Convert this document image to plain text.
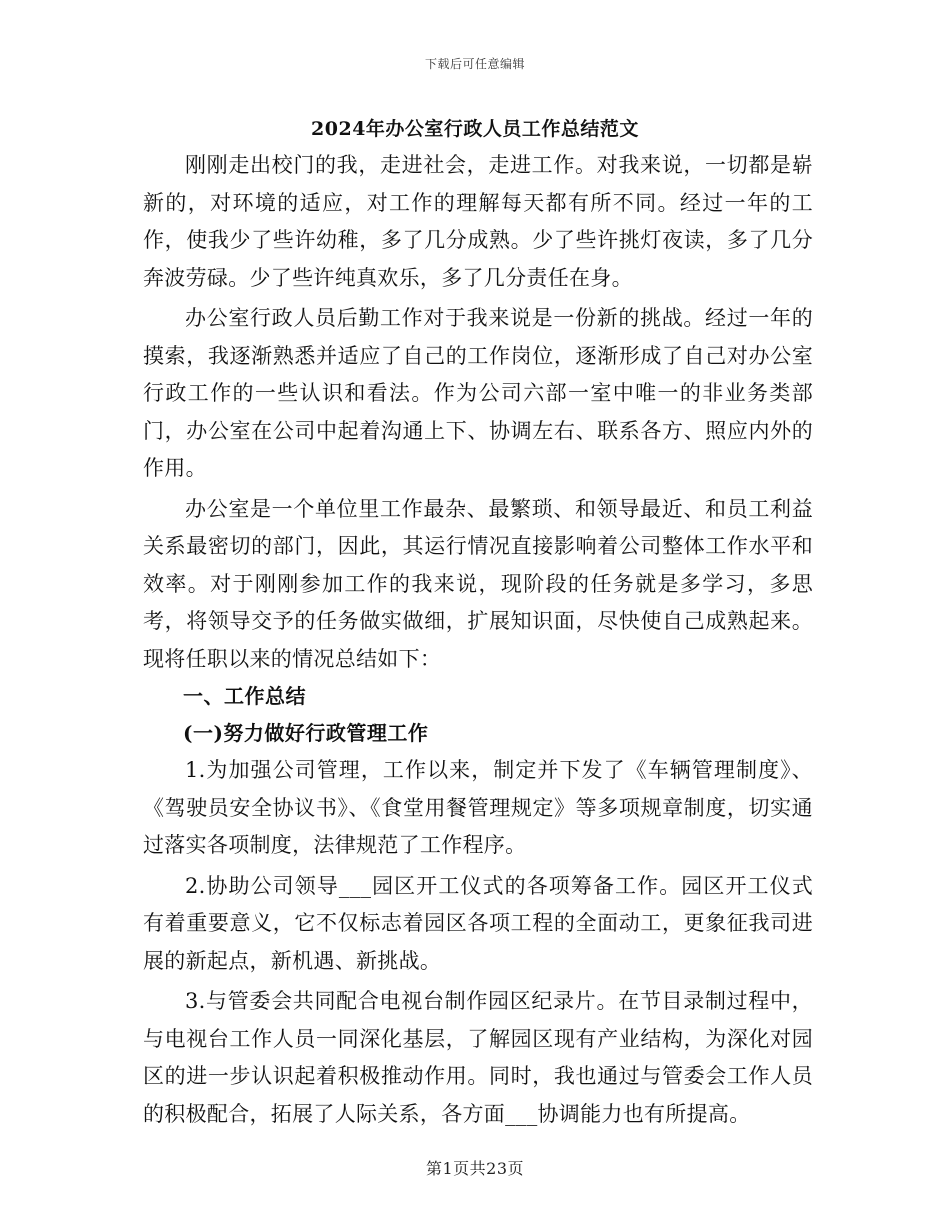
下载后可任意编辑
2024年办公室行政人员工作总结范文

刚刚走出校门的我，走进社会，走进工作。对我来说，一切都是崭新的，对环境的适应，对工作的理解每天都有所不同。经过一年的工作，使我少了些许幼稚，多了几分成熟。少了些许挑灯夜读，多了几分奔波劳碌。少了些许纯真欢乐，多了几分责任在身。

办公室行政人员后勤工作对于我来说是一份新的挑战。经过一年的摸索，我逐渐熟悉并适应了自己的工作岗位，逐渐形成了自己对办公室行政工作的一些认识和看法。作为公司六部一室中唯一的非业务类部门，办公室在公司中起着沟通上下、协调左右、联系各方、照应内外的作用。

办公室是一个单位里工作最杂、最繁琐、和领导最近、和员工利益关系最密切的部门，因此，其运行情况直接影响着公司整体工作水平和效率。对于刚刚参加工作的我来说，现阶段的任务就是多学习，多思考，将领导交予的任务做实做细，扩展知识面，尽快使自己成熟起来。现将任职以来的情况总结如下：

一、工作总结

(一)努力做好行政管理工作

1.为加强公司管理，工作以来，制定并下发了《车辆管理制度》、《驾驶员安全协议书》、《食堂用餐管理规定》等多项规章制度，切实通过落实各项制度，法律规范了工作程序。

2.协助公司领导___园区开工仪式的各项筹备工作。园区开工仪式有着重要意义，它不仅标志着园区各项工程的全面动工，更象征我司进展的新起点，新机遇、新挑战。

3.与管委会共同配合电视台制作园区纪录片。在节目录制过程中，与电视台工作人员一同深化基层，了解园区现有产业结构，为深化对园区的进一步认识起着积极推动作用。同时，我也通过与管委会工作人员的积极配合，拓展了人际关系，各方面___协调能力也有所提高。

第1页共23页
